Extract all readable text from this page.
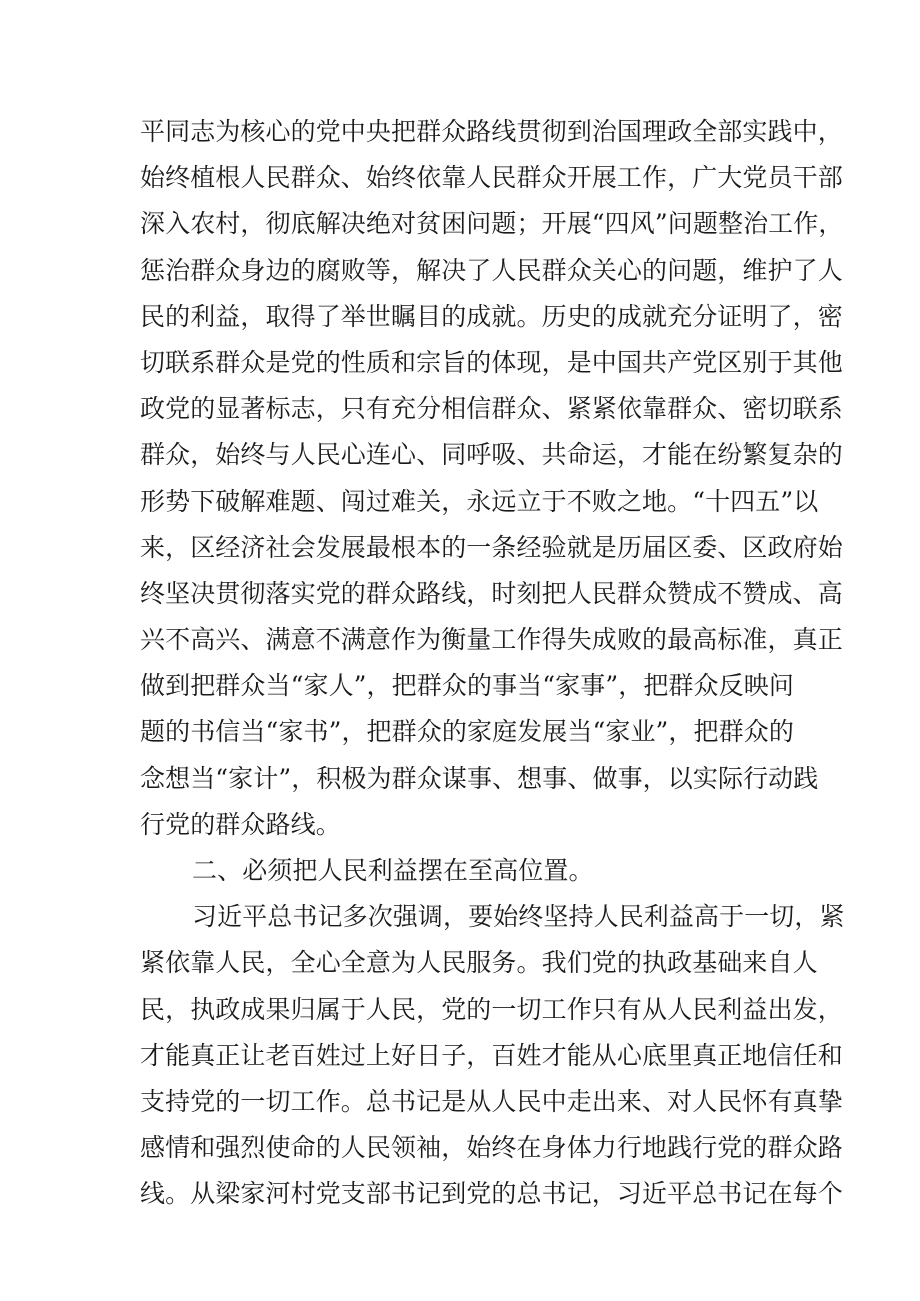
平同志为核心的党中央把群众路线贯彻到治国理政全部实践中，
始终植根人民群众、始终依靠人民群众开展工作，广大党员干部
深入农村，彻底解决绝对贫困问题；开展“四风”问题整治工作，
惩治群众身边的腐败等，解决了人民群众关心的问题，维护了人
民的利益，取得了举世瞩目的成就。历史的成就充分证明了，密
切联系群众是党的性质和宗旨的体现，是中国共产党区别于其他
政党的显著标志，只有充分相信群众、紧紧依靠群众、密切联系
群众，始终与人民心连心、同呼吸、共命运，才能在纷繁复杂的
形势下破解难题、闯过难关，永远立于不败之地。“十四五”以
来，区经济社会发展最根本的一条经验就是历届区委、区政府始
终坚决贯彻落实党的群众路线，时刻把人民群众赞成不赞成、高
兴不高兴、满意不满意作为衡量工作得失成败的最高标准，真正
做到把群众当“家人”，把群众的事当“家事”，把群众反映问
题的书信当“家书”，把群众的家庭发展当“家业”，把群众的
念想当“家计”，积极为群众谋事、想事、做事，以实际行动践
行党的群众路线。
二、必须把人民利益摆在至高位置。
习近平总书记多次强调，要始终坚持人民利益高于一切，紧
紧依靠人民，全心全意为人民服务。我们党的执政基础来自人
民，执政成果归属于人民，党的一切工作只有从人民利益出发，
才能真正让老百姓过上好日子，百姓才能从心底里真正地信任和
支持党的一切工作。总书记是从人民中走出来、对人民怀有真挚
感情和强烈使命的人民领袖，始终在身体力行地践行党的群众路
线。从梁家河村党支部书记到党的总书记，习近平总书记在每个
